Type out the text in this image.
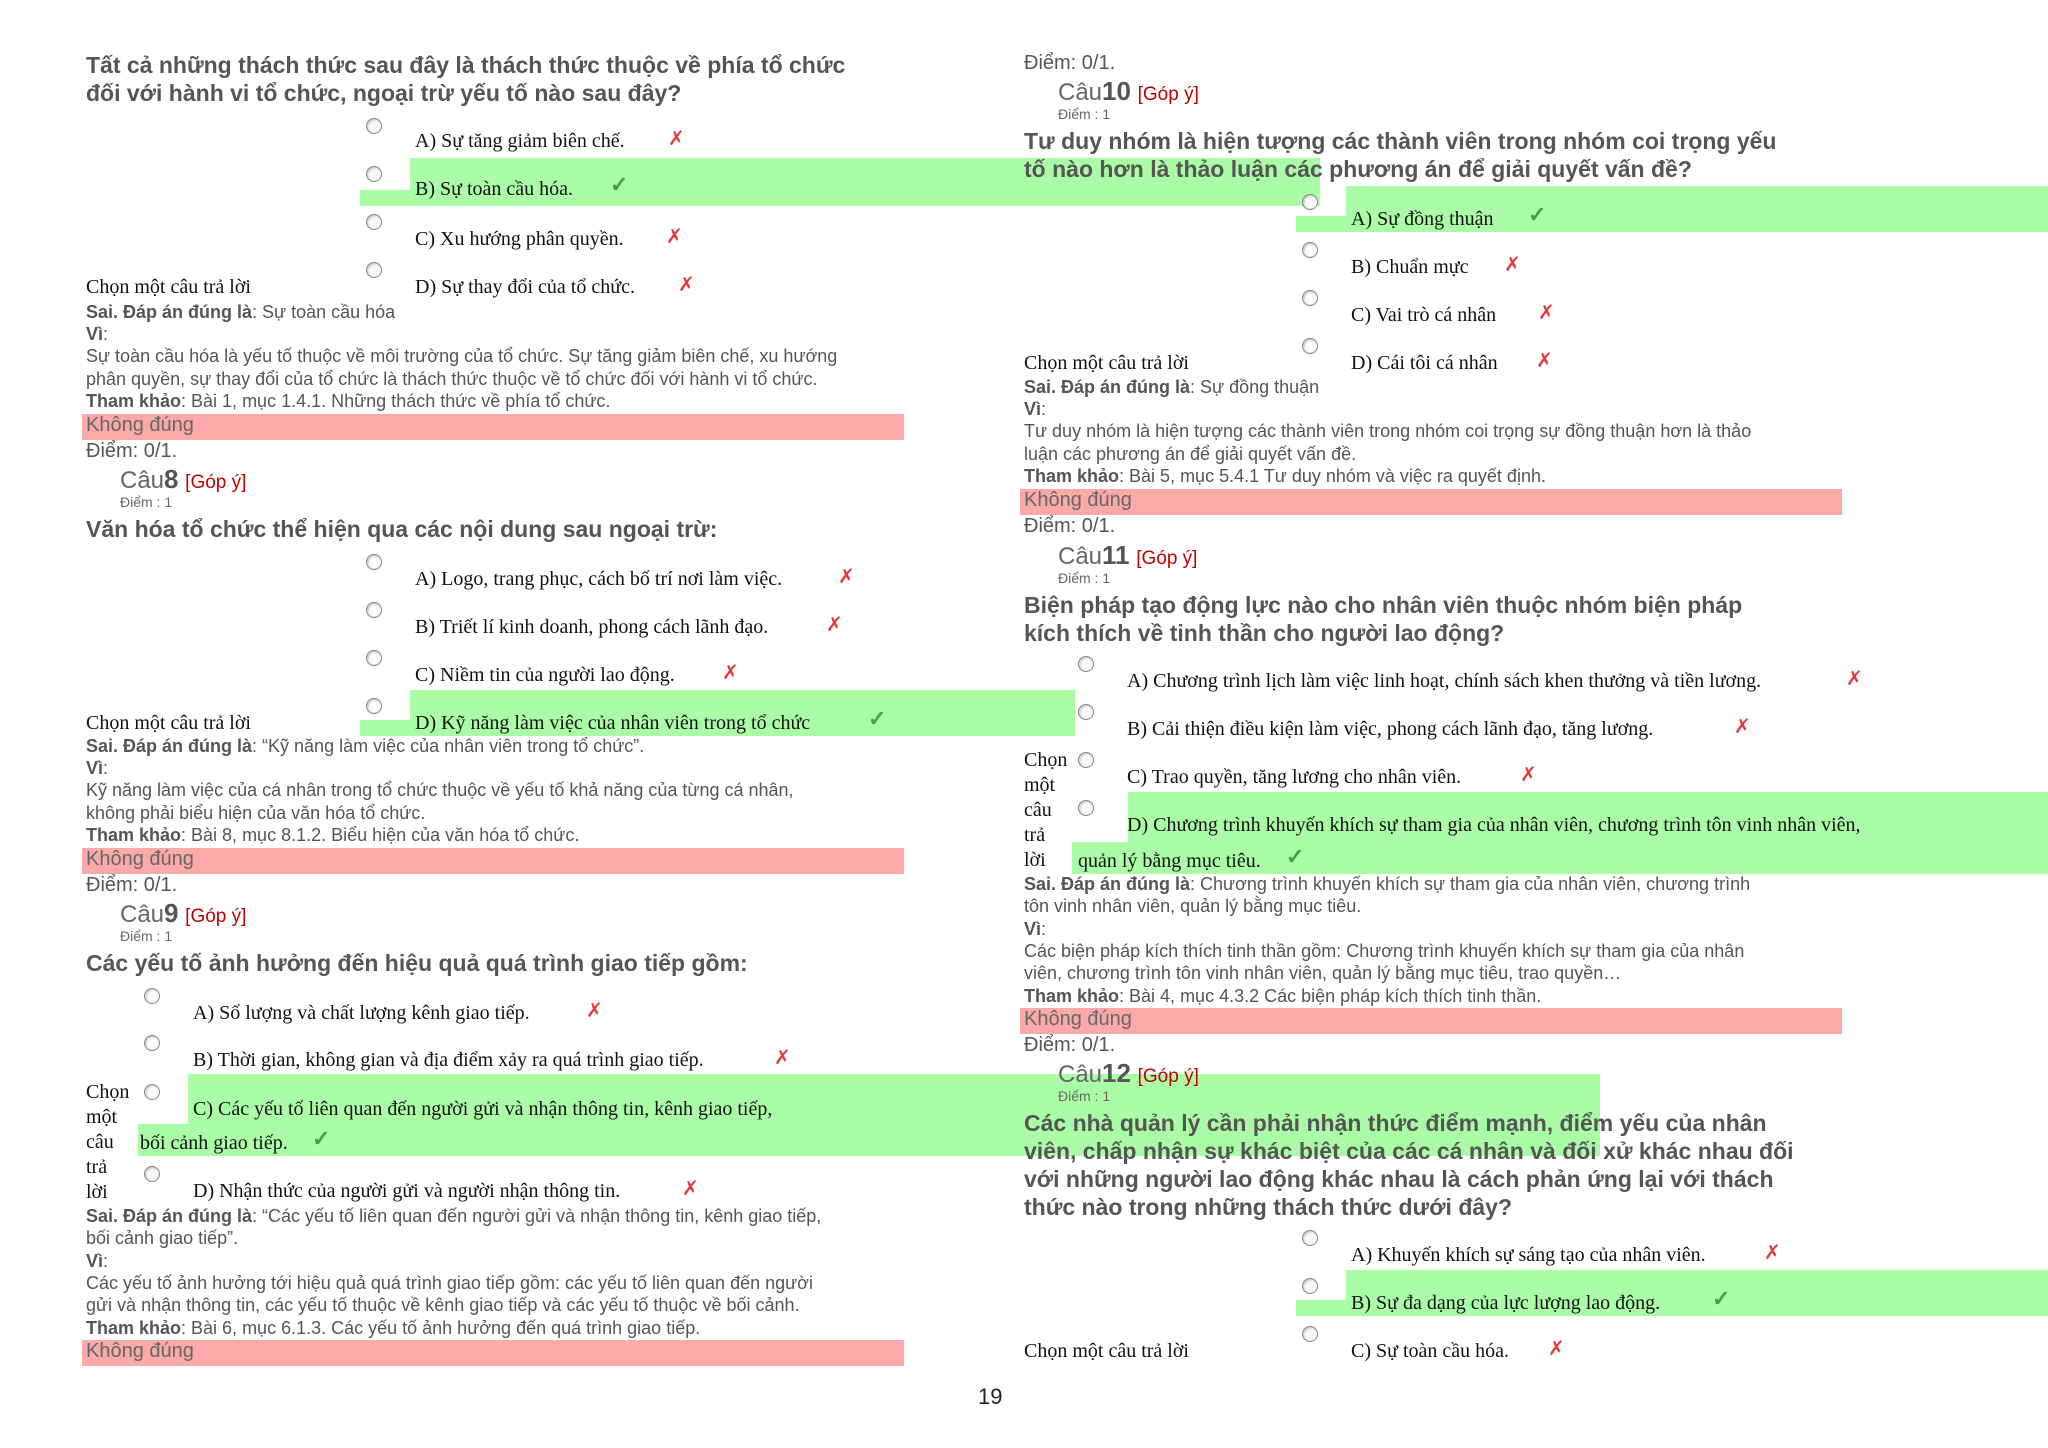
Tất cả những thách thức sau đây là thách thức thuộc về phía tổ chức
đối với hành vi tổ chức, ngoại trừ yếu tố nào sau đây?
A) Sự tăng giảm biên chế. ✗
B) Sự toàn cầu hóa. ✓
C) Xu hướng phân quyền. ✗
Chọn một câu trả lời	D) Sự thay đổi của tổ chức. ✗
Sai. Đáp án đúng là: Sự toàn cầu hóa
Vì:
Sự toàn cầu hóa là yếu tố thuộc về môi trường của tổ chức. Sự tăng giảm biên chế, xu hướng
phân quyền, sự thay đổi của tổ chức là thách thức thuộc về tổ chức đối với hành vi tổ chức.
Tham khảo: Bài 1, mục 1.4.1. Những thách thức về phía tổ chức.
Không đúng
Điểm: 0/1.
Câu8 [Góp ý]
Điểm : 1
Văn hóa tổ chức thể hiện qua các nội dung sau ngoại trừ:
A) Logo, trang phục, cách bố trí nơi làm việc.	✗
B) Triết lí kinh doanh, phong cách lãnh đạo.	✗
C) Niềm tin của người lao động. ✗
Chọn một câu trả lời	D) Kỹ năng làm việc của nhân viên trong tổ chức	✓
Sai. Đáp án đúng là: “Kỹ năng làm việc của nhân viên trong tổ chức”.
Vì:
Kỹ năng làm việc của cá nhân trong tổ chức thuộc về yếu tố khả năng của từng cá nhân,
không phải biểu hiện của văn hóa tổ chức.
Tham khảo: Bài 8, mục 8.1.2. Biểu hiện của văn hóa tổ chức.
Không đúng
Điểm: 0/1.
Câu9 [Góp ý]
Điểm : 1
Các yếu tố ảnh hưởng đến hiệu quả quá trình giao tiếp gồm:
A) Số lượng và chất lượng kênh giao tiếp.	✗
B) Thời gian, không gian và địa điểm xảy ra quá trình giao tiếp.	✗
Chọn
một
câu
trả
lời
C) Các yếu tố liên quan đến người gửi và nhận thông tin, kênh giao tiếp,
bối cảnh giao tiếp. ✓
D) Nhận thức của người gửi và người nhận thông tin.	✗
Sai. Đáp án đúng là: “Các yếu tố liên quan đến người gửi và nhận thông tin, kênh giao tiếp,
bối cảnh giao tiếp”.
Vì:
Các yếu tố ảnh hưởng tới hiệu quả quá trình giao tiếp gồm: các yếu tố liên quan đến người
gửi và nhận thông tin, các yếu tố thuộc về kênh giao tiếp và các yếu tố thuộc về bối cảnh.
Tham khảo: Bài 6, mục 6.1.3. Các yếu tố ảnh hưởng đến quá trình giao tiếp.
Không đúng
Điểm: 0/1.
Câu10 [Góp ý]
Điểm : 1
Tư duy nhóm là hiện tượng các thành viên trong nhóm coi trọng yếu
tố nào hơn là thảo luận các phương án để giải quyết vấn đề?
A) Sự đồng thuận ✓
B) Chuẩn mực ✗
C) Vai trò cá nhân ✗
Chọn một câu trả lời	D) Cái tôi cá nhân ✗
Sai. Đáp án đúng là: Sự đồng thuận
Vì:
Tư duy nhóm là hiện tượng các thành viên trong nhóm coi trọng sự đồng thuận hơn là thảo
luận các phương án để giải quyết vấn đề.
Tham khảo: Bài 5, mục 5.4.1 Tư duy nhóm và việc ra quyết định.
Không đúng
Điểm: 0/1.
Câu11 [Góp ý]
Điểm : 1
Biện pháp tạo động lực nào cho nhân viên thuộc nhóm biện pháp
kích thích về tinh thần cho người lao động?
A) Chương trình lịch làm việc linh hoạt, chính sách khen thưởng và tiền lương.	✗
B) Cải thiện điều kiện làm việc, phong cách lãnh đạo, tăng lương.	✗
Chọn
một
câu
trả
lời
C) Trao quyền, tăng lương cho nhân viên.	✗
D) Chương trình khuyến khích sự tham gia của nhân viên, chương trình tôn vinh nhân viên,
quản lý bằng mục tiêu. ✓
Sai. Đáp án đúng là: Chương trình khuyến khích sự tham gia của nhân viên, chương trình
tôn vinh nhân viên, quản lý bằng mục tiêu.
Vì:
Các biện pháp kích thích tinh thần gồm: Chương trình khuyến khích sự tham gia của nhân
viên, chương trình tôn vinh nhân viên, quản lý bằng mục tiêu, trao quyền…
Tham khảo: Bài 4, mục 4.3.2 Các biện pháp kích thích tinh thần.
Không đúng
Điểm: 0/1.
Câu12 [Góp ý]
Điểm : 1
Các nhà quản lý cần phải nhận thức điểm mạnh, điểm yếu của nhân
viên, chấp nhận sự khác biệt của các cá nhân và đối xử khác nhau đối
với những người lao động khác nhau là cách phản ứng lại với thách
thức nào trong những thách thức dưới đây?
A) Khuyến khích sự sáng tạo của nhân viên.	✗
B) Sự đa dạng của lực lượng lao động. ✓
Chọn một câu trả lời	C) Sự toàn cầu hóa. ✗
19
